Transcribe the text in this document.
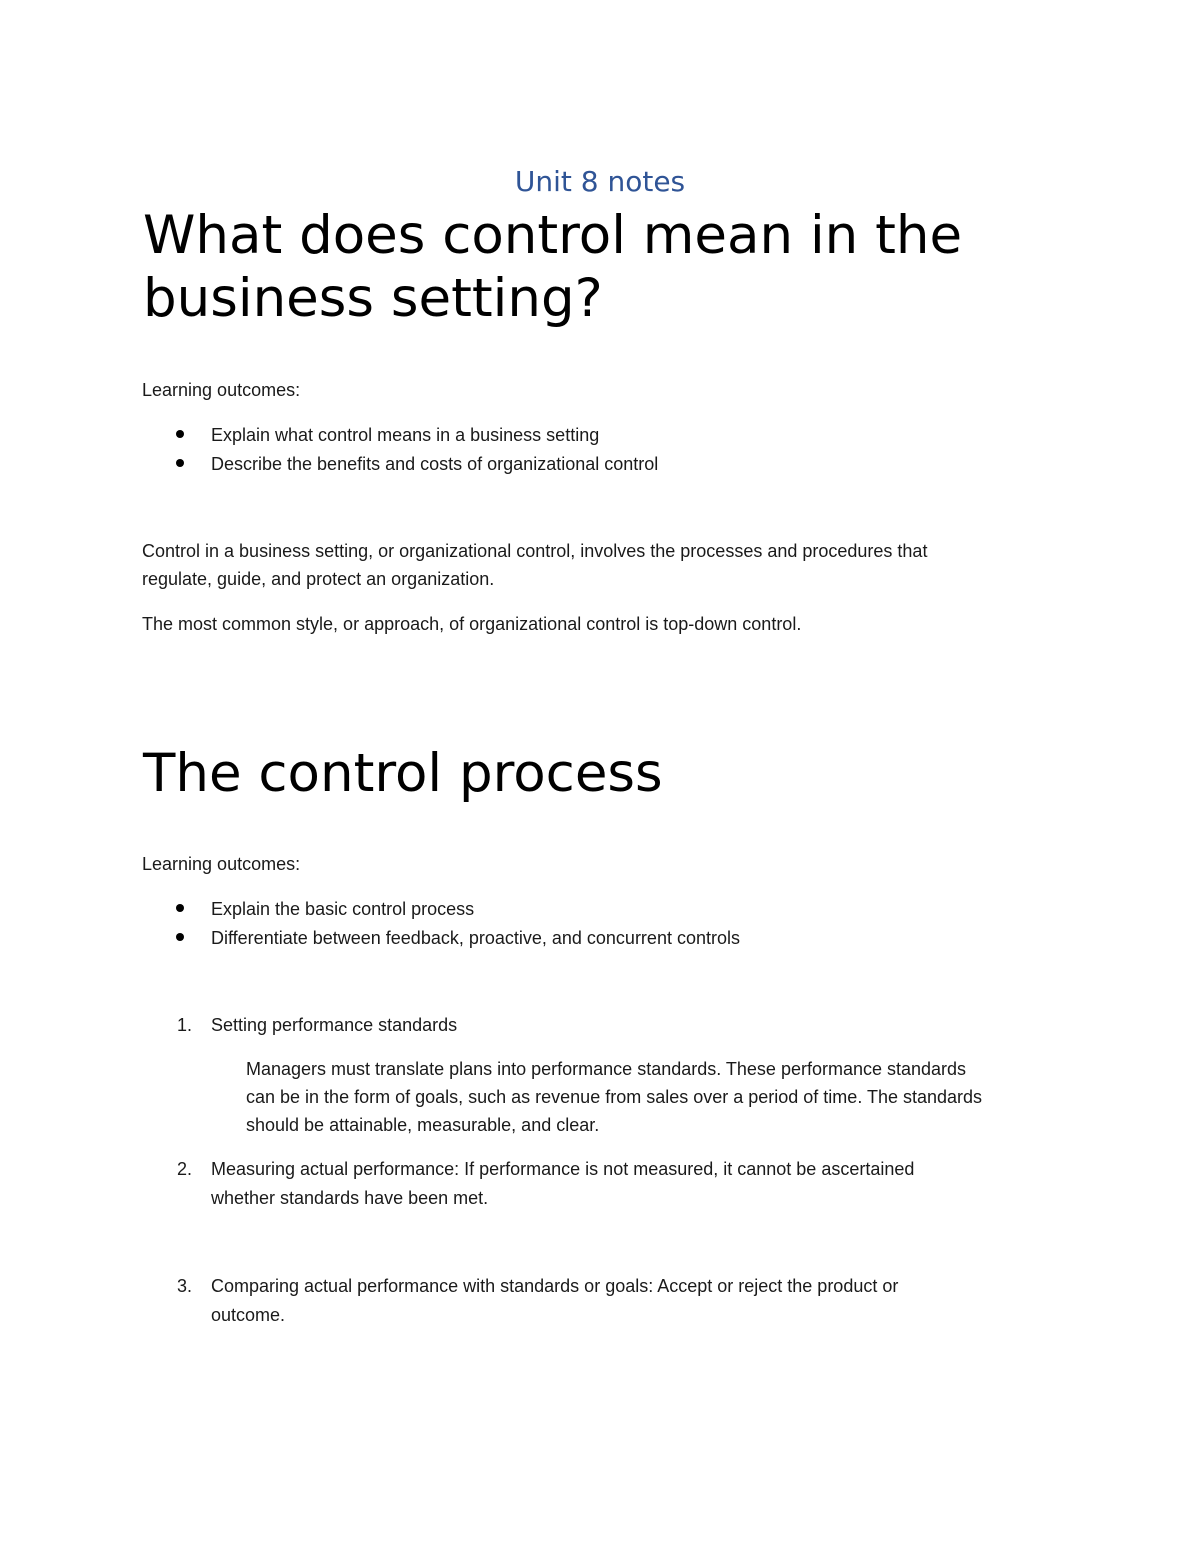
Unit 8 notes
What does control mean in the
business setting?
Learning outcomes:
Explain what control means in a business setting
Describe the benefits and costs of organizational control
Control in a business setting, or organizational control, involves the processes and procedures that
regulate, guide, and protect an organization.
The most common style, or approach, of organizational control is top-down control.
The control process
Learning outcomes:
Explain the basic control process
Differentiate between feedback, proactive, and concurrent controls
1. Setting performance standards
Managers must translate plans into performance standards. These performance standards
can be in the form of goals, such as revenue from sales over a period of time. The standards
should be attainable, measurable, and clear.
2. Measuring actual performance: If performance is not measured, it cannot be ascertained
whether standards have been met.
3. Comparing actual performance with standards or goals: Accept or reject the product or
outcome.
